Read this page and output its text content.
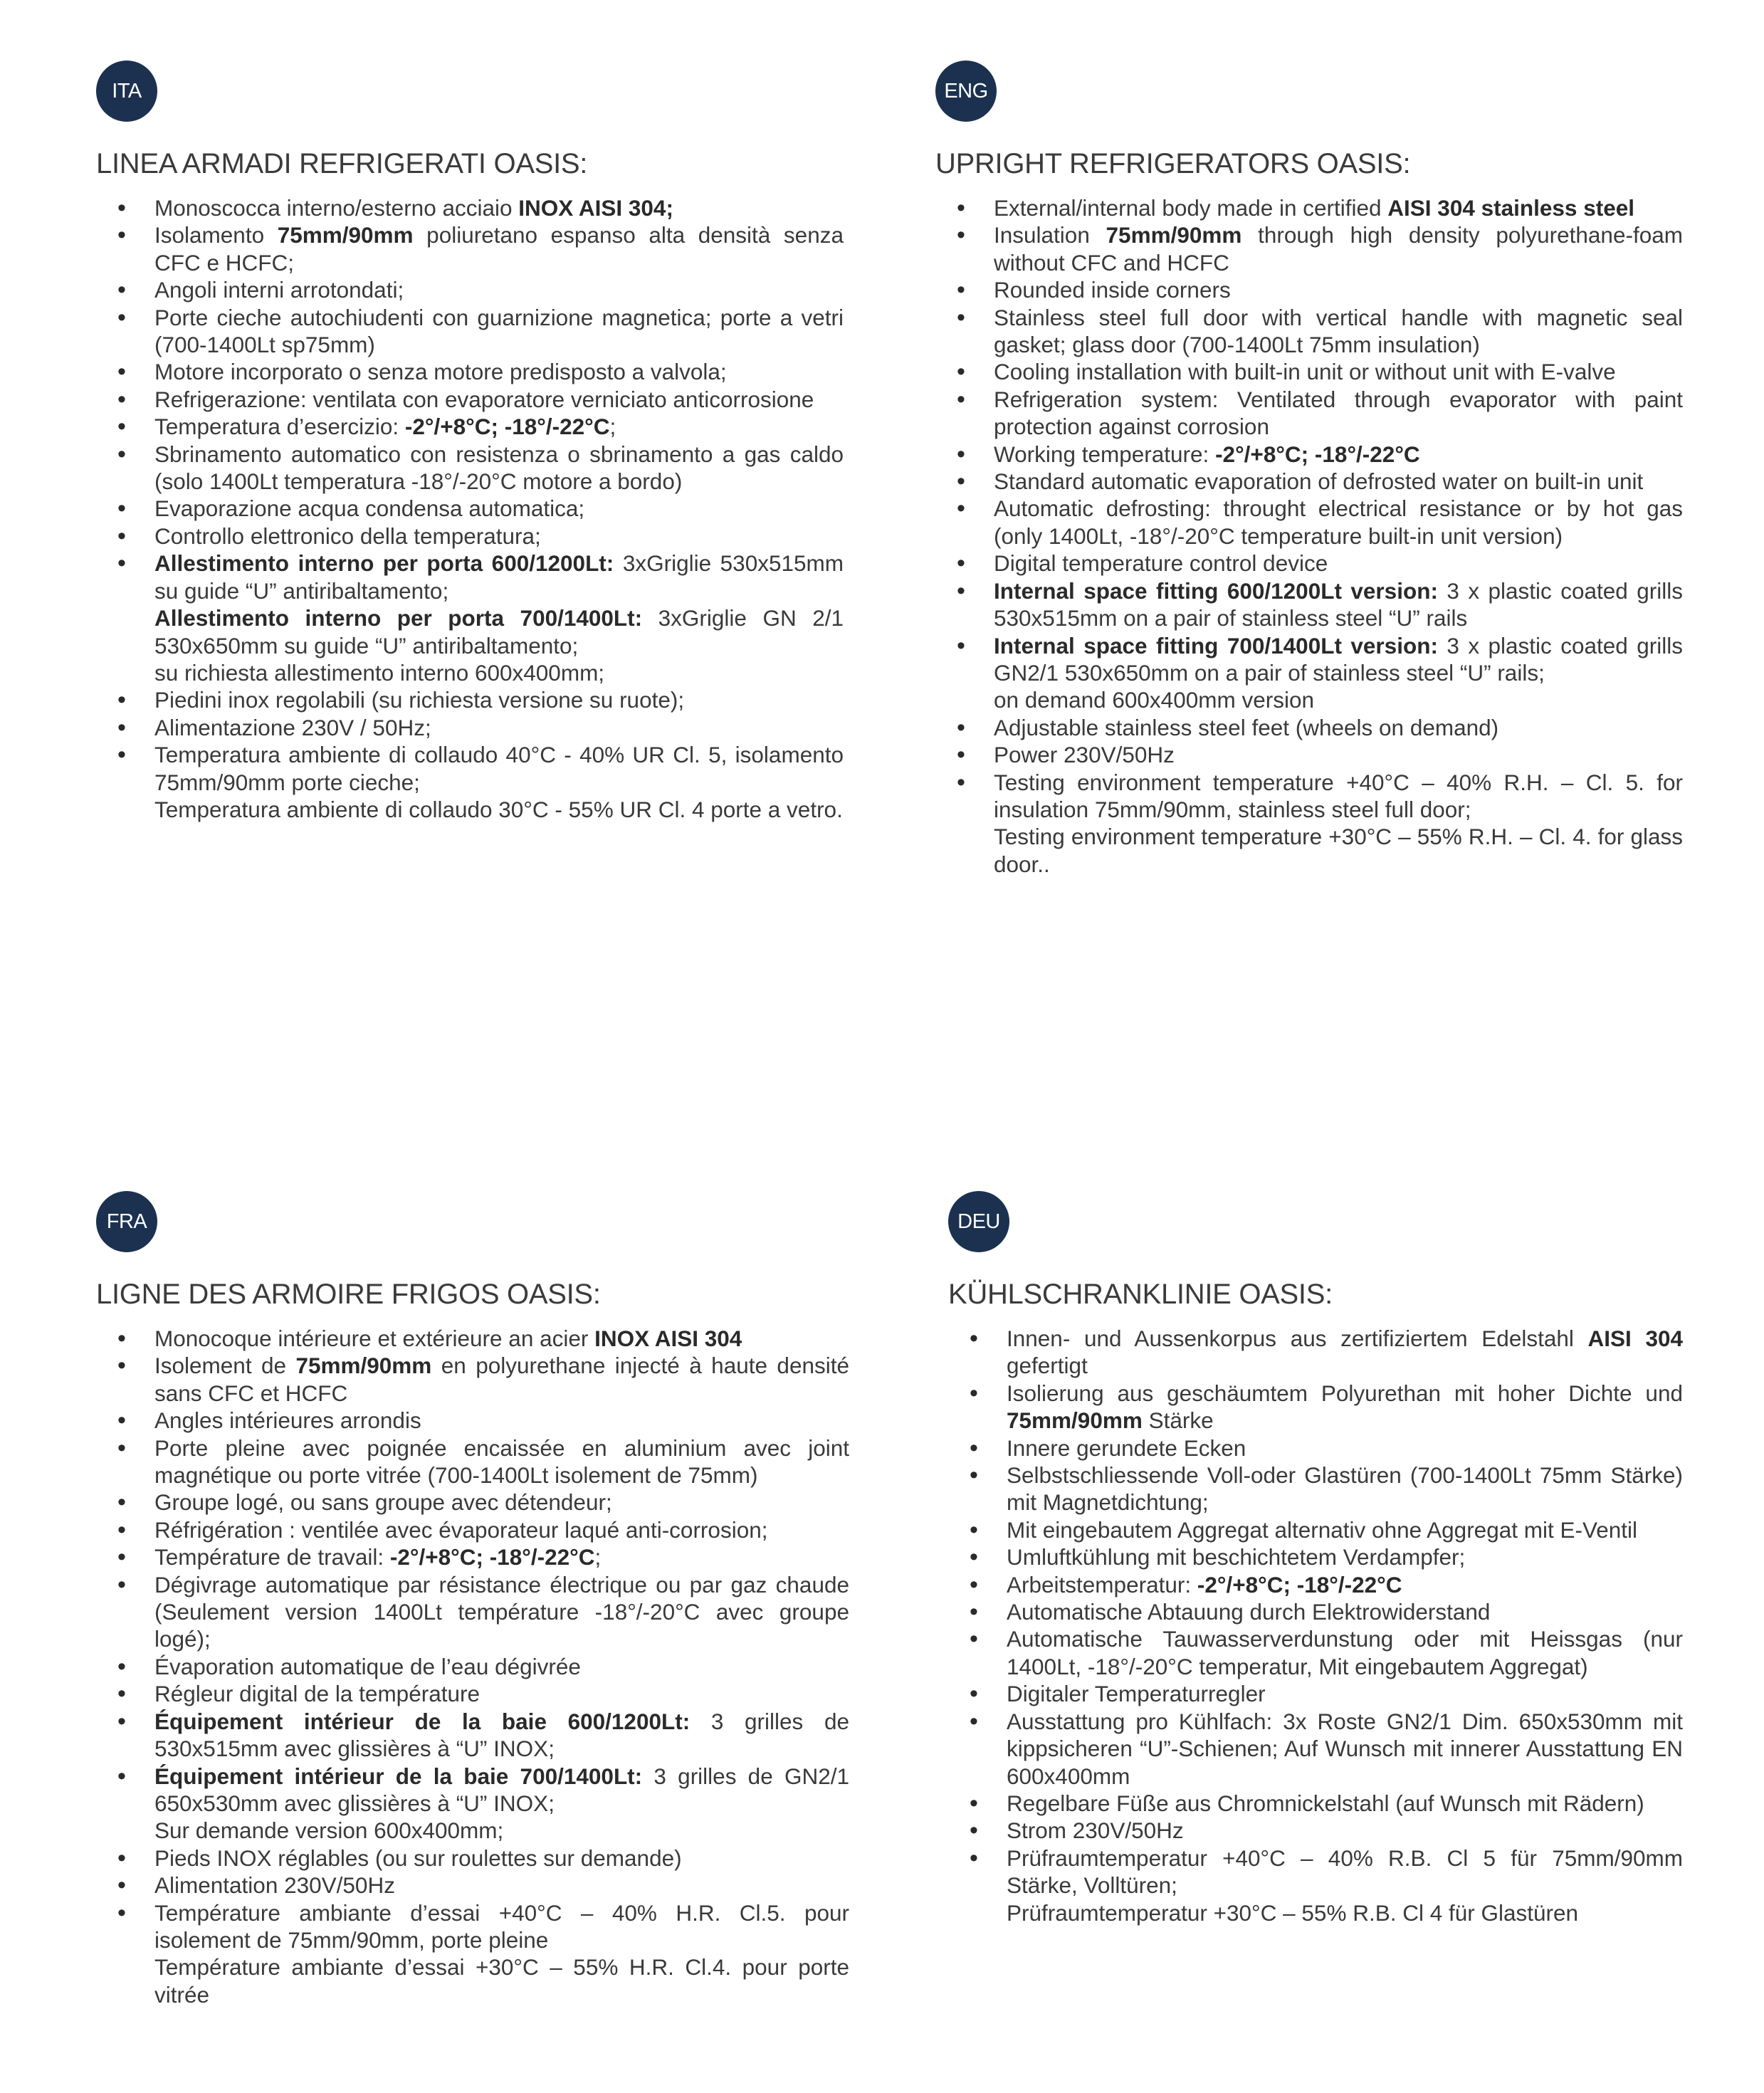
ITA
LINEA ARMADI REFRIGERATI OASIS:
• Monoscocca interno/esterno acciaio INOX AISI 304;
• Isolamento 75mm/90mm poliuretano espanso alta densità senza CFC e HCFC;
• Angoli interni arrotondati;
• Porte cieche autochiudenti con guarnizione magnetica; porte a vetri (700-1400Lt sp75mm)
• Motore incorporato o senza motore predisposto a valvola;
• Refrigerazione: ventilata con evaporatore verniciato anticorrosione
• Temperatura d’esercizio: -2°/+8°C; -18°/-22°C;
• Sbrinamento automatico con resistenza o sbrinamento a gas caldo (solo 1400Lt temperatura -18°/-20°C motore a bordo)
• Evaporazione acqua condensa automatica;
• Controllo elettronico della temperatura;
• Allestimento interno per porta 600/1200Lt: 3xGriglie 530x515mm su guide “U” antiribaltamento;
Allestimento interno per porta 700/1400Lt: 3xGriglie GN 2/1 530x650mm su guide “U” antiribaltamento;
su richiesta allestimento interno 600x400mm;
• Piedini inox regolabili (su richiesta versione su ruote);
• Alimentazione 230V / 50Hz;
• Temperatura ambiente di collaudo 40°C - 40% UR Cl. 5, isolamento 75mm/90mm porte cieche;
Temperatura ambiente di collaudo 30°C - 55% UR Cl. 4 porte a vetro.
ENG
UPRIGHT REFRIGERATORS OASIS:
• External/internal body made in certified AISI 304 stainless steel
• Insulation 75mm/90mm through high density polyurethane-foam without CFC and HCFC
• Rounded inside corners
• Stainless steel full door with vertical handle with magnetic seal gasket; glass door (700-1400Lt 75mm insulation)
• Cooling installation with built-in unit or without unit with E-valve
• Refrigeration system: Ventilated through evaporator with paint protection against corrosion
• Working temperature: -2°/+8°C; -18°/-22°C
• Standard automatic evaporation of defrosted water on built-in unit
• Automatic defrosting: throught electrical resistance or by hot gas (only 1400Lt, -18°/-20°C temperature built-in unit version)
• Digital temperature control device
• Internal space fitting 600/1200Lt version: 3 x plastic coated grills 530x515mm on a pair of stainless steel “U” rails
• Internal space fitting 700/1400Lt version: 3 x plastic coated grills GN2/1 530x650mm on a pair of stainless steel “U” rails;
on demand 600x400mm version
• Adjustable stainless steel feet (wheels on demand)
• Power 230V/50Hz
• Testing environment temperature +40°C – 40% R.H. – Cl. 5. for insulation 75mm/90mm, stainless steel full door;
Testing environment temperature +30°C – 55% R.H. – Cl. 4. for glass door..
FRA
LIGNE DES ARMOIRE FRIGOS OASIS:
• Monocoque intérieure et extérieure an acier INOX AISI 304
• Isolement de 75mm/90mm en polyurethane injecté à haute densité sans CFC et HCFC
• Angles intérieures arrondis
• Porte pleine avec poignée encaissée en aluminium avec joint magnétique ou porte vitrée (700-1400Lt isolement de 75mm)
• Groupe logé, ou sans groupe avec détendeur;
• Réfrigération : ventilée avec évaporateur laqué anti-corrosion;
• Température de travail: -2°/+8°C; -18°/-22°C;
• Dégivrage automatique par résistance électrique ou par gaz chaude (Seulement version 1400Lt température -18°/-20°C avec groupe logé);
• Évaporation automatique de l’eau dégivrée
• Régleur digital de la température
• Équipement intérieur de la baie 600/1200Lt: 3 grilles de 530x515mm avec glissières à “U” INOX;
• Équipement intérieur de la baie 700/1400Lt: 3 grilles de GN2/1 650x530mm avec glissières à “U” INOX;
Sur demande version 600x400mm;
• Pieds INOX réglables (ou sur roulettes sur demande)
• Alimentation 230V/50Hz
• Température ambiante d’essai +40°C – 40% H.R. Cl.5. pour isolement de 75mm/90mm, porte pleine
Température ambiante d’essai +30°C – 55% H.R. Cl.4. pour porte vitrée
DEU
KÜHLSCHRANKLINIE OASIS:
• Innen- und Aussenkorpus aus zertifiziertem Edelstahl AISI 304 gefertigt
• Isolierung aus geschäumtem Polyurethan mit hoher Dichte und 75mm/90mm Stärke
• Innere gerundete Ecken
• Selbstschliessende Voll-oder Glastüren (700-1400Lt 75mm Stärke) mit Magnetdichtung;
• Mit eingebautem Aggregat alternativ ohne Aggregat mit E-Ventil
• Umluftkühlung mit beschichtetem Verdampfer;
• Arbeitstemperatur: -2°/+8°C; -18°/-22°C
• Automatische Abtauung durch Elektrowiderstand
• Automatische Tauwasserverdunstung oder mit Heissgas (nur 1400Lt, -18°/-20°C temperatur, Mit eingebautem Aggregat)
• Digitaler Temperaturregler
• Ausstattung pro Kühlfach: 3x Roste GN2/1 Dim. 650x530mm mit kippsicheren “U”-Schienen; Auf Wunsch mit innerer Ausstattung EN 600x400mm
• Regelbare Füße aus Chromnickelstahl (auf Wunsch mit Rädern)
• Strom 230V/50Hz
• Prüfraumtemperatur +40°C – 40% R.B. Cl 5 für 75mm/90mm Stärke, Volltüren;
Prüfraumtemperatur +30°C – 55% R.B. Cl 4 für Glastüren
